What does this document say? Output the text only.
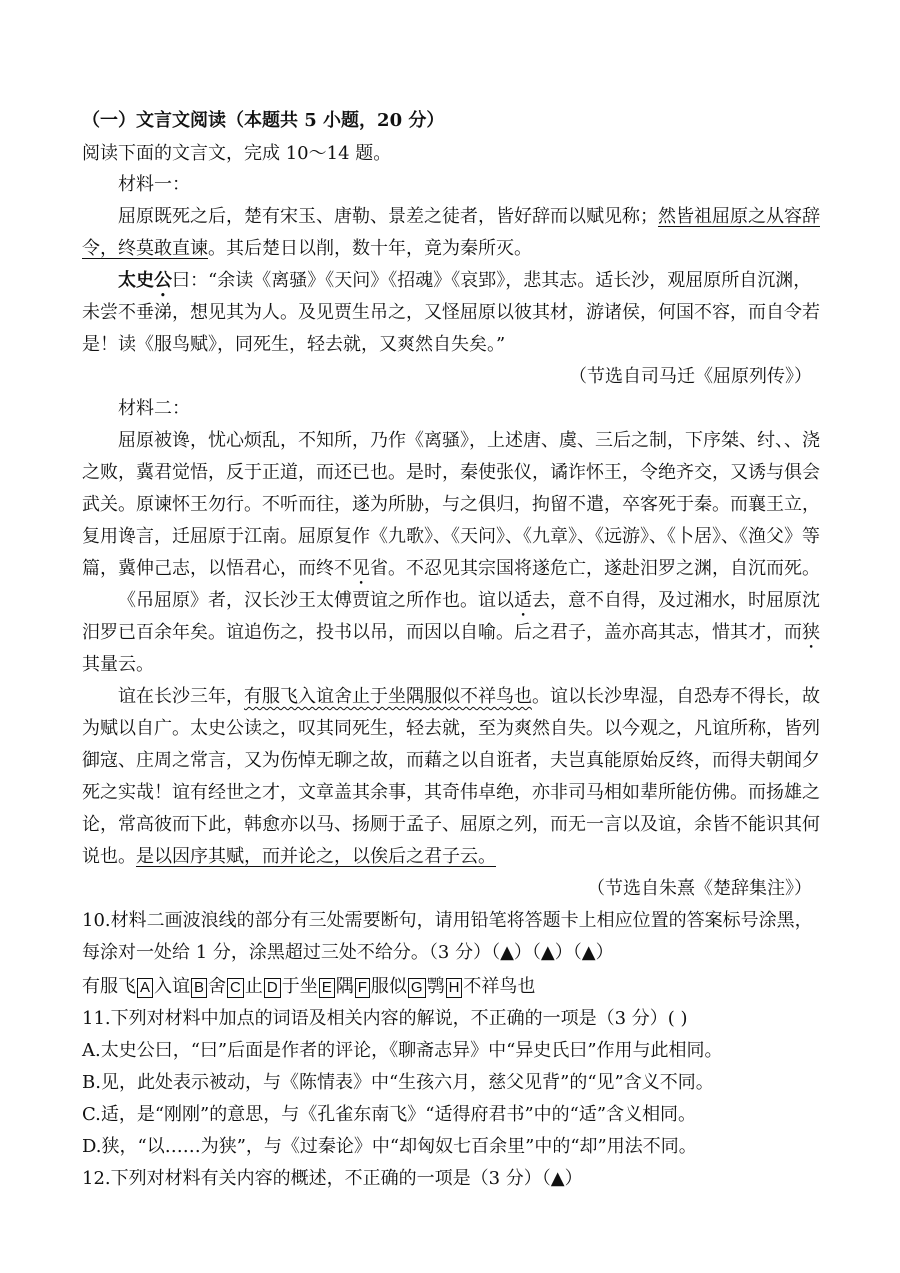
（一）文言文阅读（本题共 5 小题，20 分）
阅读下面的文言文，完成 10～14 题。
材料一：
屈原既死之后，楚有宋玉、唐勒、景差之徒者，皆好辞而以赋见称；然皆祖屈原之从容辞
令，终莫敢直谏。其后楚日以削，数十年，竟为秦所灭。
太史公曰：“余读《离骚》《天问》《招魂》《哀郢》，悲其志。适长沙，观屈原所自沉渊，
未尝不垂涕，想见其为人。及见贾生吊之，又怪屈原以彼其材，游诸侯，何国不容，而自令若
是！读《服鸟赋》，同死生，轻去就，又爽然自失矣。”
（节选自司马迁《屈原列传》）
材料二：
屈原被谗，忧心烦乱，不知所，乃作《离骚》，上述唐、虞、三后之制，下序桀、纣、、浇
之败，冀君觉悟，反于正道，而还已也。是时，秦使张仪，谲诈怀王，令绝齐交，又诱与俱会
武关。原谏怀王勿行。不听而往，遂为所胁，与之俱归，拘留不遣，卒客死于秦。而襄王立，
复用谗言，迁屈原于江南。屈原复作《九歌》、《天问》、《九章》、《远游》、《卜居》、《渔父》等
篇，冀伸己志，以悟君心，而终不见省。不忍见其宗国将遂危亡，遂赴汨罗之渊，自沉而死。
《吊屈原》者，汉长沙王太傅贾谊之所作也。谊以适去，意不自得，及过湘水，时屈原沈
汨罗已百余年矣。谊追伤之，投书以吊，而因以自喻。后之君子，盖亦高其志，惜其才，而狭
其量云。
谊在长沙三年，有服飞入谊舍止于坐隅服似不祥鸟也。谊以长沙卑湿，自恐寿不得长，故
为赋以自广。太史公读之，叹其同死生，轻去就，至为爽然自失。以今观之，凡谊所称，皆列
御寇、庄周之常言，又为伤悼无聊之故，而藉之以自诳者，夫岂真能原始反终，而得夫朝闻夕
死之实哉！谊有经世之才，文章盖其余事，其奇伟卓绝，亦非司马相如辈所能仿佛。而扬雄之
论，常高彼而下此，韩愈亦以马、扬厕于孟子、屈原之列，而无一言以及谊，余皆不能识其何
说也。是以因序其赋，而并论之，以俟后之君子云。
（节选自朱熹《楚辞集注》）
10.材料二画波浪线的部分有三处需要断句，请用铅笔将答题卡上相应位置的答案标号涂黑，
每涂对一处给 1 分，涂黑超过三处不给分。（3 分）（▲）（▲）（▲）
有服飞 A 入谊 B 舍 C 止 D 于坐 E 隅 F 服似 G 鹗 H 不祥鸟也
11.下列对材料中加点的词语及相关内容的解说，不正确的一项是（3 分）( )
A.太史公曰，“曰”后面是作者的评论，《聊斋志异》中“异史氏曰”作用与此相同。
B.见，此处表示被动，与《陈情表》中“生孩六月，慈父见背”的“见”含义不同。
C.适，是“刚刚”的意思，与《孔雀东南飞》“适得府君书”中的“适”含义相同。
D.狭，“以……为狭”，与《过秦论》中“却匈奴七百余里”中的“却”用法不同。
12.下列对材料有关内容的概述，不正确的一项是（3 分）（▲）
